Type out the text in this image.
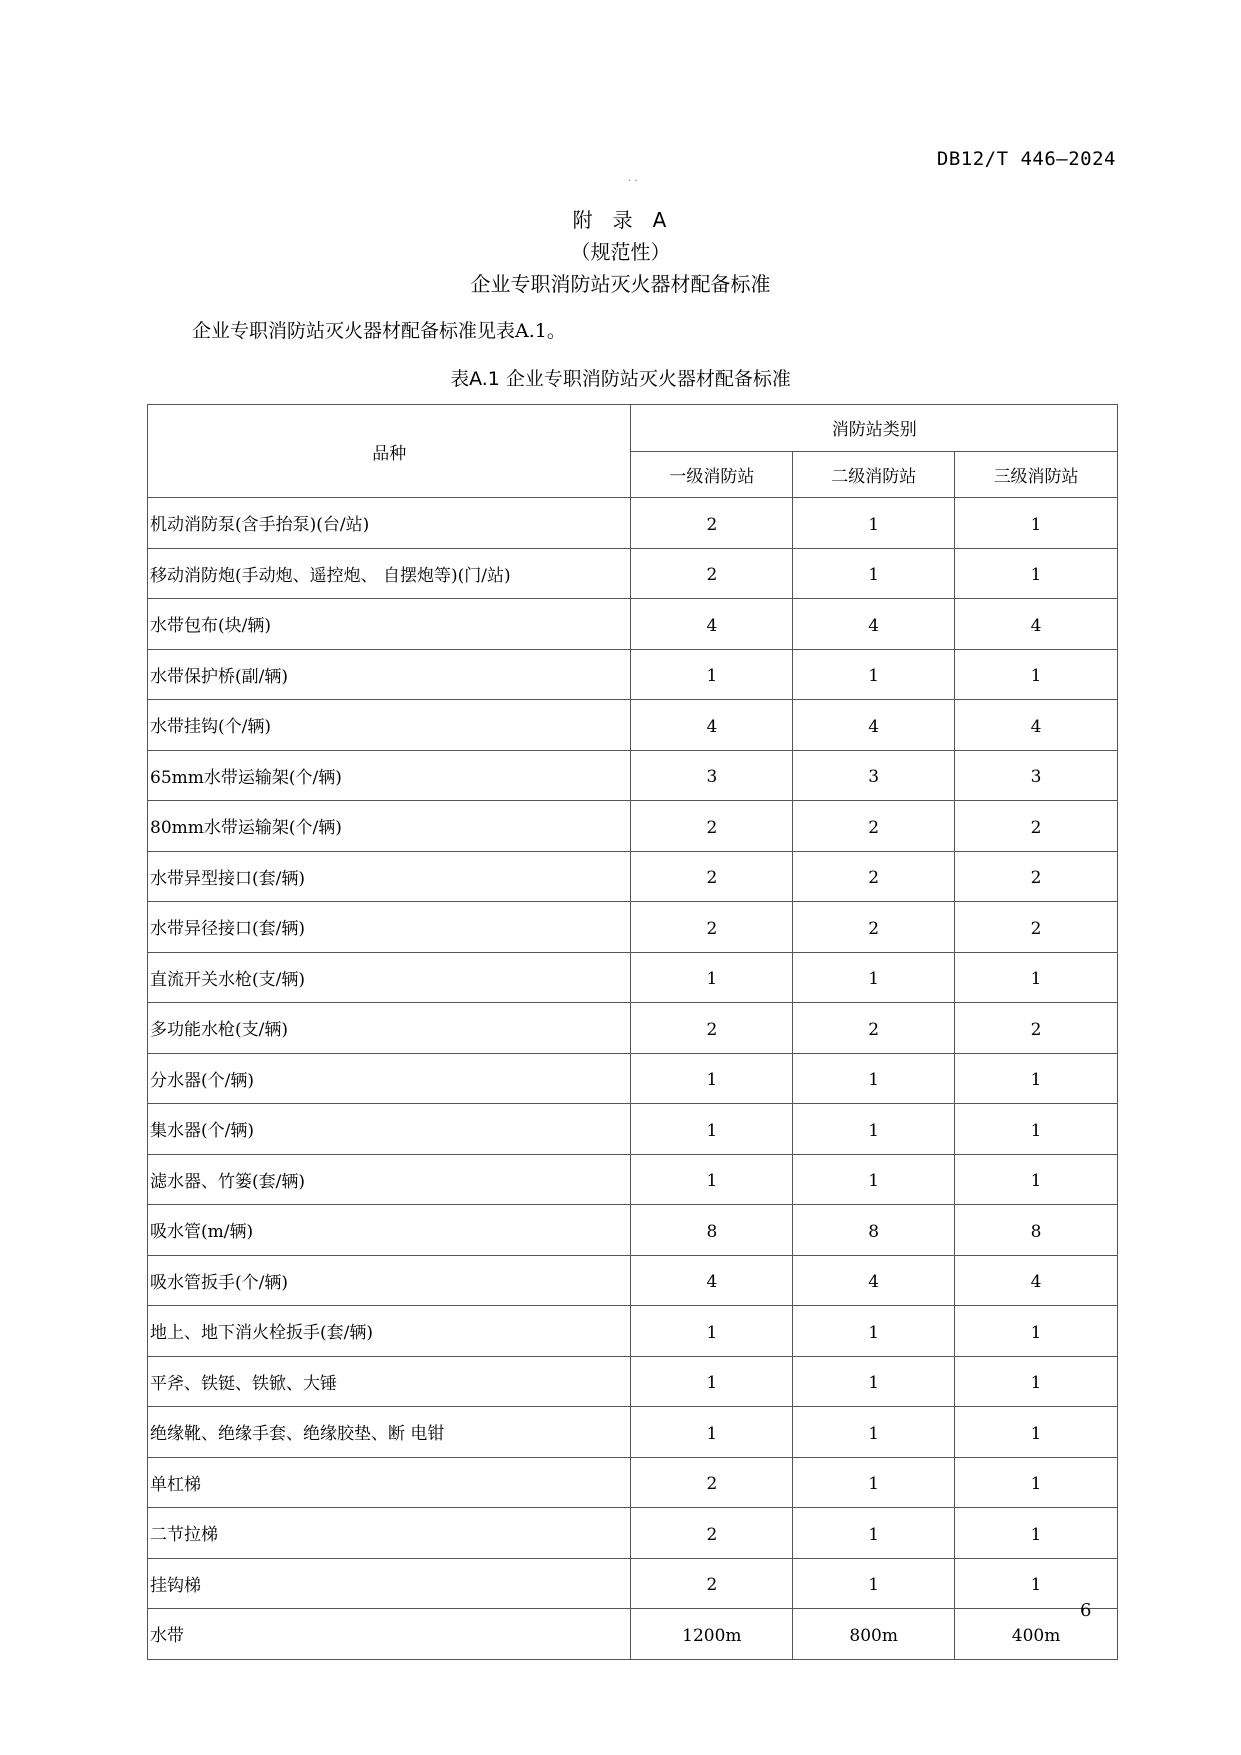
DB12/T 446—2024
· ·
附 录 A
（规范性）
企业专职消防站灭火器材配备标准
企业专职消防站灭火器材配备标准见表A.1。
表A.1 企业专职消防站灭火器材配备标准
品种	消防站类别		
	一级消防站	二级消防站	三级消防站
机动消防泵(含手抬泵)(台/站)	2	1	1
移动消防炮(手动炮、遥控炮、 自摆炮等)(门/站)	2	1	1
水带包布(块/辆)	4	4	4
水带保护桥(副/辆)	1	1	1
水带挂钩(个/辆)	4	4	4
65mm水带运输架(个/辆)	3	3	3
80mm水带运输架(个/辆)	2	2	2
水带异型接口(套/辆)	2	2	2
水带异径接口(套/辆)	2	2	2
直流开关水枪(支/辆)	1	1	1
多功能水枪(支/辆)	2	2	2
分水器(个/辆)	1	1	1
集水器(个/辆)	1	1	1
滤水器、竹篓(套/辆)	1	1	1
吸水管(m/辆)	8	8	8
吸水管扳手(个/辆)	4	4	4
地上、地下消火栓扳手(套/辆)	1	1	1
平斧、铁铤、铁锨、大锤	1	1	1
绝缘靴、绝缘手套、绝缘胶垫、断 电钳	1	1	1
单杠梯	2	1	1
二节拉梯	2	1	1
挂钩梯	2	1	1
水带	1200m	800m	400m
6
